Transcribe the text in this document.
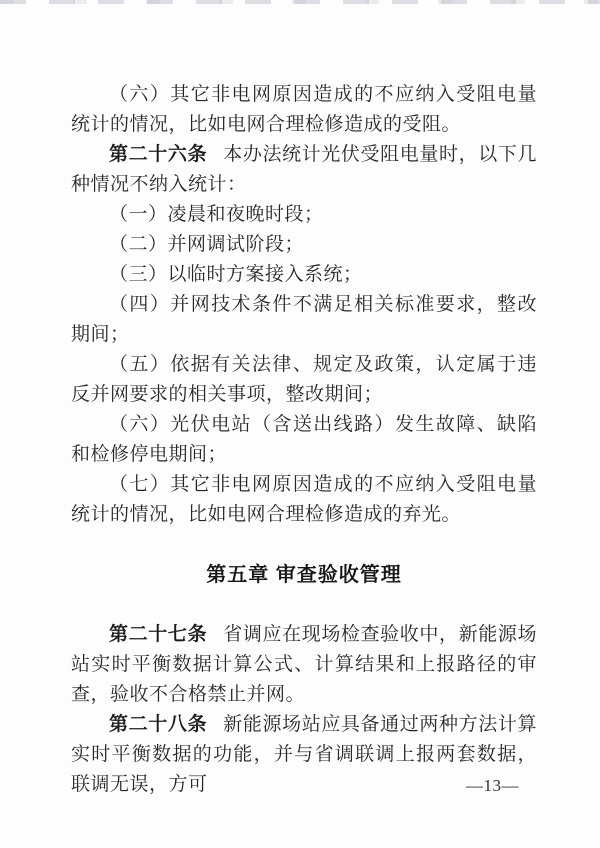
（六）其它非电网原因造成的不应纳入受阻电量统计的情况，比如电网合理检修造成的受阻。

第二十六条 本办法统计光伏受阻电量时，以下几种情况不纳入统计：

（一）凌晨和夜晚时段；

（二）并网调试阶段；

（三）以临时方案接入系统；

（四）并网技术条件不满足相关标准要求，整改期间；

（五）依据有关法律、规定及政策，认定属于违反并网要求的相关事项，整改期间；

（六）光伏电站（含送出线路）发生故障、缺陷和检修停电期间；

（七）其它非电网原因造成的不应纳入受阻电量统计的情况，比如电网合理检修造成的弃光。

第五章 审查验收管理

第二十七条 省调应在现场检查验收中，新能源场站实时平衡数据计算公式、计算结果和上报路径的审查，验收不合格禁止并网。

第二十八条 新能源场站应具备通过两种方法计算实时平衡数据的功能，并与省调联调上报两套数据，联调无误，方可	—13—
